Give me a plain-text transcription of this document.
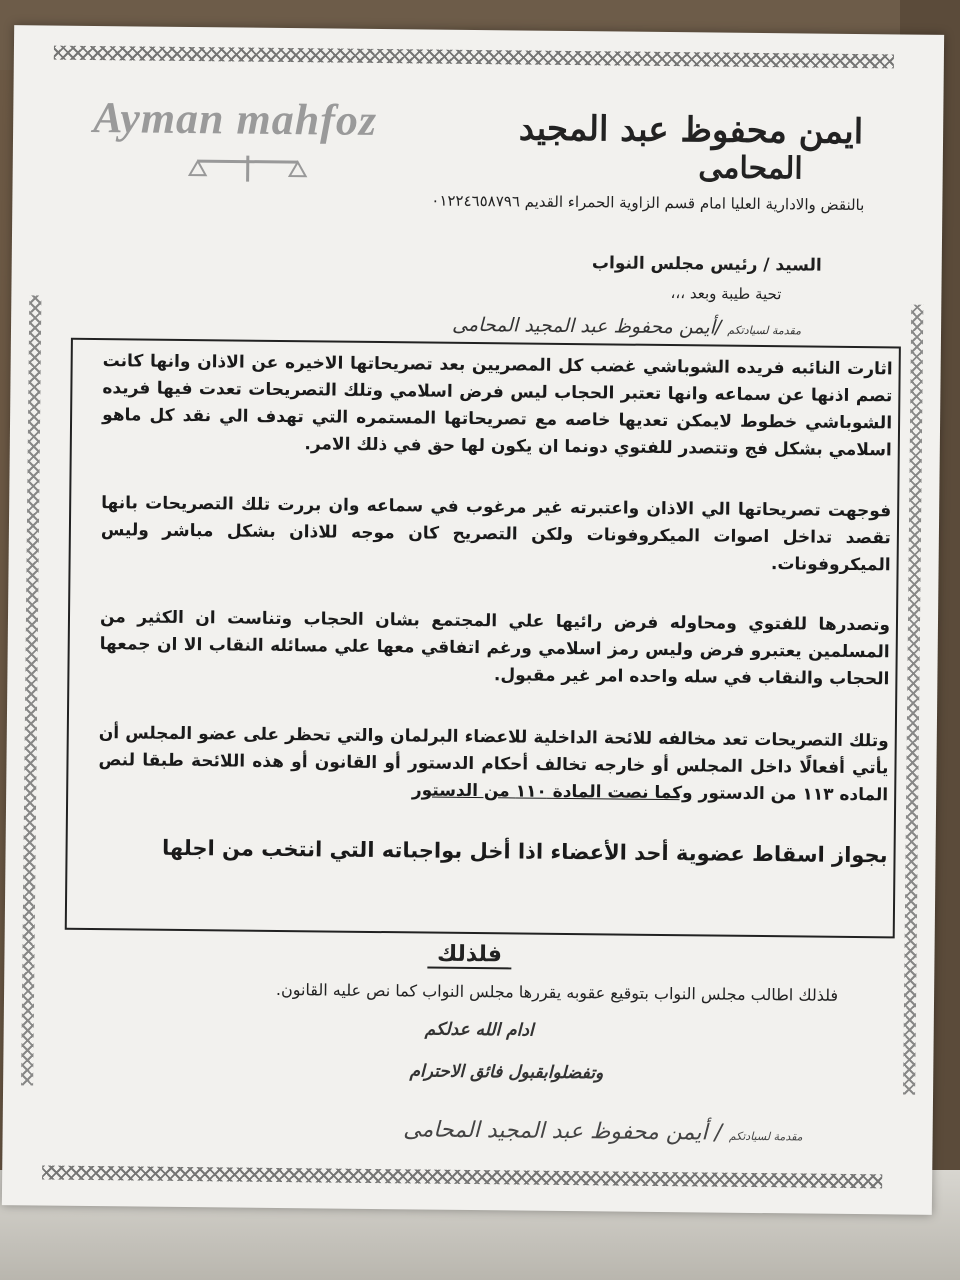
Ayman mahfoz	ايمن محفوظ عبد المجيد
المحامى
بالنقض والادارية العليا امام قسم الزاوية الحمراء القديم ٠١٢٢٤٦٥٨٧٩٦
السيد / رئيس مجلس النواب
تحية طيبة وبعد ،،،
مقدمة لسيادتكم /أيمن محفوظ عبد المجيد المحامى
اثارت النائبه فريده الشوباشي غضب كل المصريين بعد تصريحاتها الاخيره عن الاذان وانها كانت تصم اذنها عن سماعه وانها تعتبر الحجاب ليس فرض اسلامي وتلك التصريحات تعدت فيها فريده الشوباشي خطوط لايمكن تعديها خاصه مع تصريحاتها المستمره التي تهدف الي نقد كل ماهو اسلامي بشكل فج وتتصدر للفتوي دونما ان يكون لها حق في ذلك الامر.
فوجهت تصريحاتها الي الاذان واعتبرته غير مرغوب في سماعه وان بررت تلك التصريحات بانها تقصد تداخل اصوات الميكروفونات ولكن التصريح كان موجه للاذان بشكل مباشر وليس الميكروفونات.
وتصدرها للفتوي ومحاوله فرض رائيها علي المجتمع بشان الحجاب وتناست ان الكثير من المسلمين يعتبرو فرض وليس رمز اسلامي ورغم اتفاقي معها علي مسائله النقاب الا ان جمعها الحجاب والنقاب في سله واحده امر غير مقبول.
وتلك التصريحات تعد مخالفه للائحة الداخلية للاعضاء البرلمان والتي تحظر على عضو المجلس أن يأتي أفعالًا داخل المجلس أو خارجه تخالف أحكام الدستور أو القانون أو هذه اللائحة طبقا لنص الماده ١١٣ من الدستور وكما نصت المادة ١١٠ من الدستور
بجواز اسقاط عضوية أحد الأعضاء اذا أخل بواجباته التي انتخب من اجلها
فلذلك
فلذلك اطالب مجلس النواب بتوقيع عقوبه يقررها مجلس النواب كما نص عليه القانون.
ادام الله عدلكم
وتفضلوابقبول فائق الاحترام
مقدمة لسيادتكم / أيمن محفوظ عبد المجيد المحامى
